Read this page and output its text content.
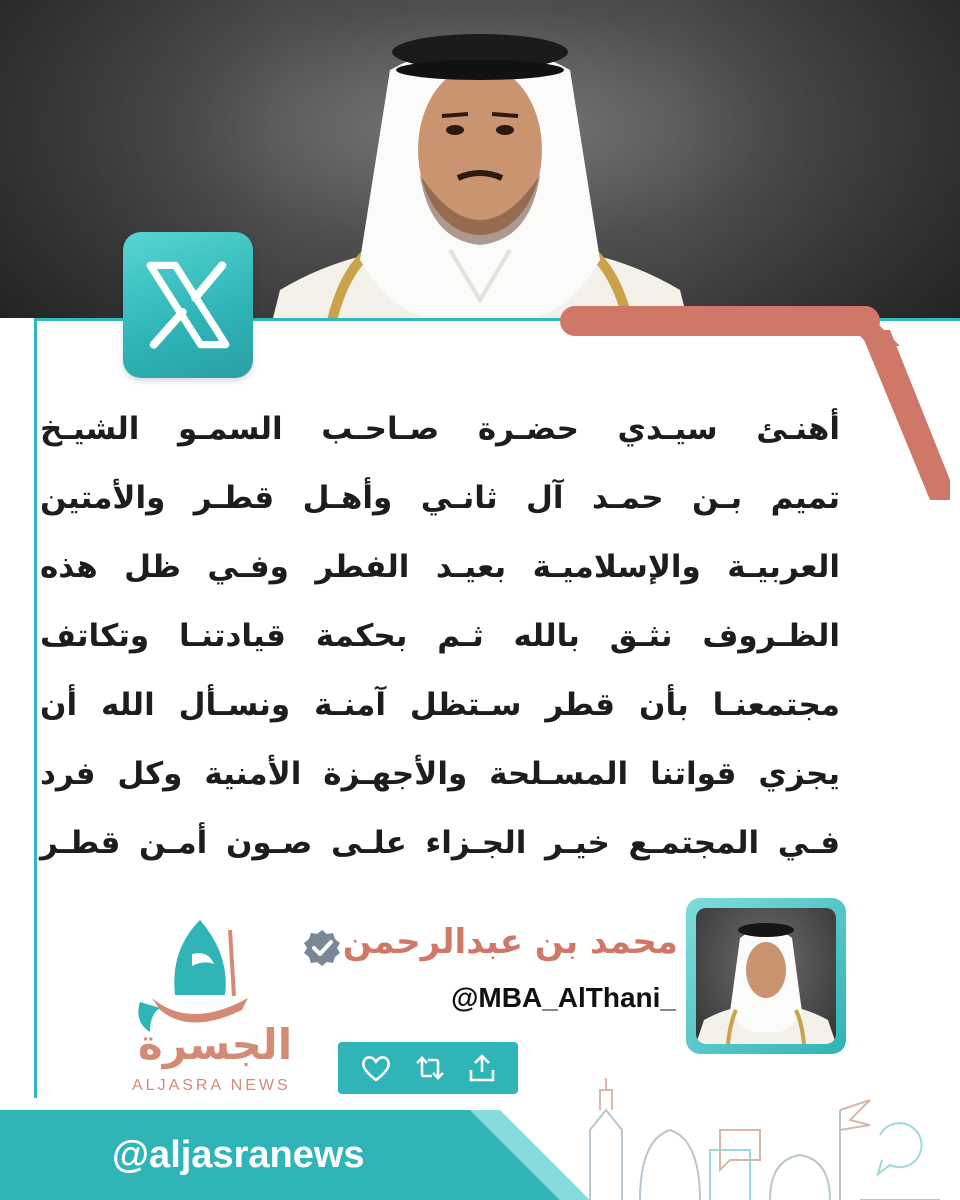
أهنـئ سيـدي حضـرة صـاحـب السمـو الشيـخ
تميم بـن حمـد آل ثانـي وأهـل قطـر والأمتين
العربيـة والإسلاميـة بعيـد الفطر وفـي ظل هذه
الظـروف نثـق بالله ثـم بحكمة قيادتنـا وتكاتف
مجتمعنـا بأن قطر سـتظل آمنـة ونسـأل الله أن
يجزي قواتنا المسـلحة والأجهـزة الأمنية وكل فرد
فـي المجتمـع خيـر الجـزاء علـى صـون أمـن قطـر
محمد بن عبدالرحمن
@MBA_AlThani_
الجسرة
ALJASRA NEWS
@aljasranews
